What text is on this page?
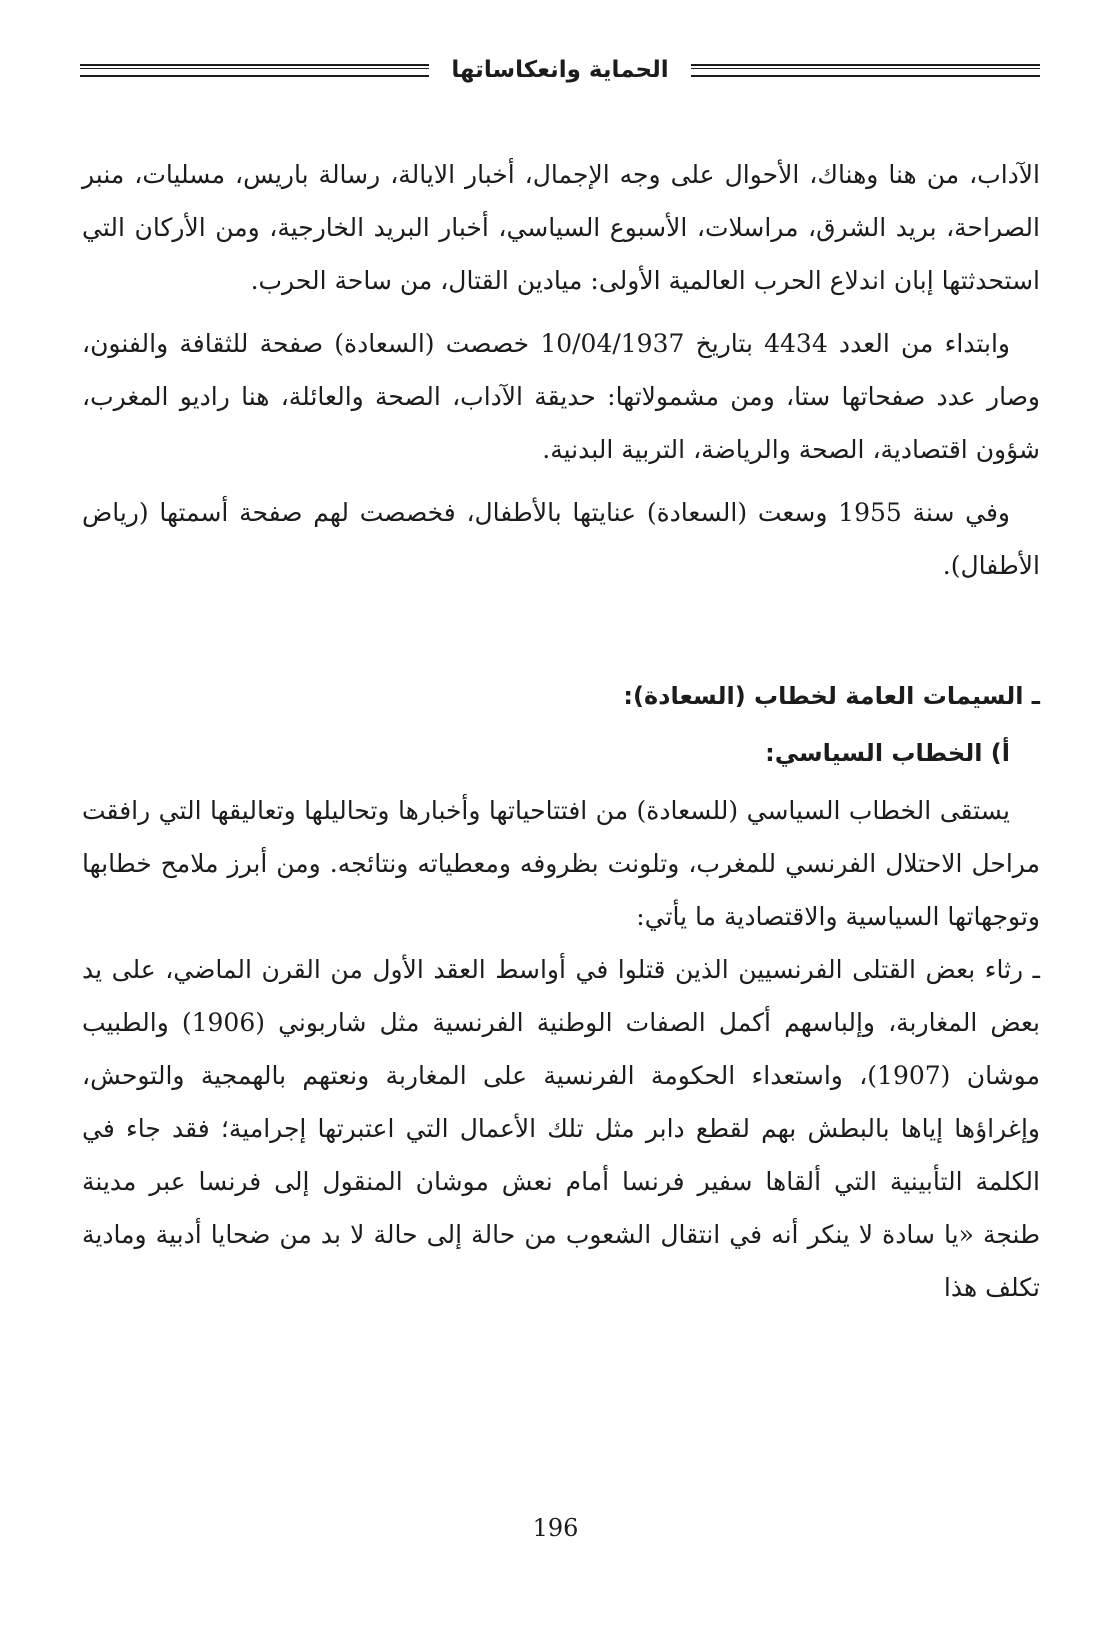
الحماية وانعكاساتها

الآداب، من هنا وهناك، الأحوال على وجه الإجمال، أخبار الايالة، رسالة باريس، مسليات، منبر الصراحة، بريد الشرق، مراسلات، الأسبوع السياسي، أخبار البريد الخارجية، ومن الأركان التي استحدثتها إبان اندلاع الحرب العالمية الأولى: ميادين القتال، من ساحة الحرب.

وابتداء من العدد 4434 بتاريخ 10/04/1937 خصصت (السعادة) صفحة للثقافة والفنون، وصار عدد صفحاتها ستا، ومن مشمولاتها: حديقة الآداب، الصحة والعائلة، هنا راديو المغرب، شؤون اقتصادية، الصحة والرياضة، التربية البدنية.

وفي سنة 1955 وسعت (السعادة) عنايتها بالأطفال، فخصصت لهم صفحة أسمتها (رياض الأطفال).

ـ السيمات العامة لخطاب (السعادة):

أ) الخطاب السياسي:

يستقى الخطاب السياسي (للسعادة) من افتتاحياتها وأخبارها وتحاليلها وتعاليقها التي رافقت مراحل الاحتلال الفرنسي للمغرب، وتلونت بظروفه ومعطياته ونتائجه. ومن أبرز ملامح خطابها وتوجهاتها السياسية والاقتصادية ما يأتي:

ـ رثاء بعض القتلى الفرنسيين الذين قتلوا في أواسط العقد الأول من القرن الماضي، على يد بعض المغاربة، وإلباسهم أكمل الصفات الوطنية الفرنسية مثل شاربوني (1906) والطبيب موشان (1907)، واستعداء الحكومة الفرنسية على المغاربة ونعتهم بالهمجية والتوحش، وإغراؤها إياها بالبطش بهم لقطع دابر مثل تلك الأعمال التي اعتبرتها إجرامية؛ فقد جاء في الكلمة التأبينية التي ألقاها سفير فرنسا أمام نعش موشان المنقول إلى فرنسا عبر مدينة طنجة «يا سادة لا ينكر أنه في انتقال الشعوب من حالة إلى حالة لا بد من ضحايا أدبية ومادية تكلف هذا

196
